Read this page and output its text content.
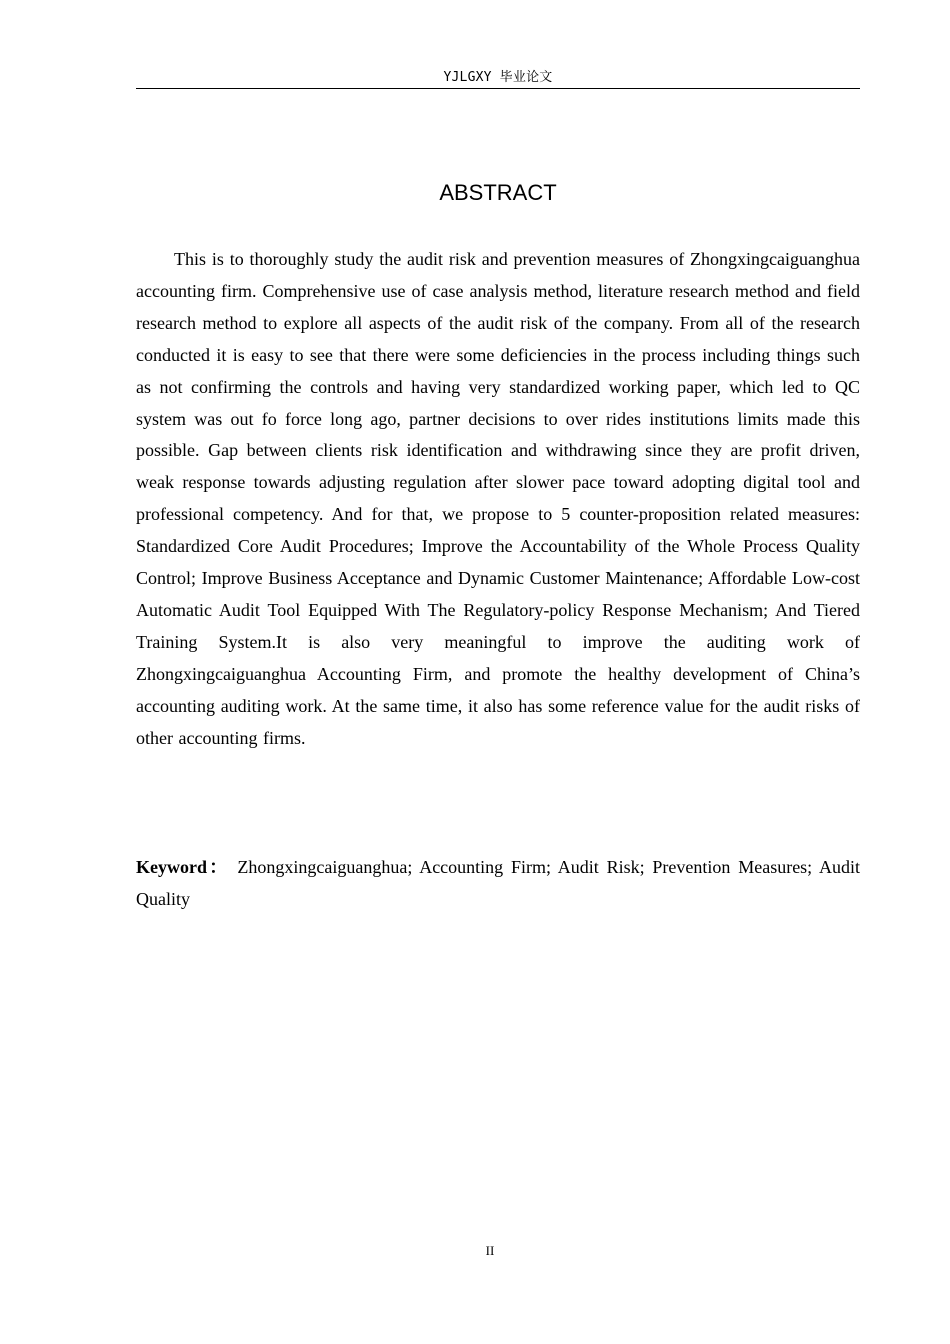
YJLGXY 毕业论文
ABSTRACT

This is to thoroughly study the audit risk and prevention measures of Zhongxingcaiguanghua accounting firm. Comprehensive use of case analysis method, literature research method and field research method to explore all aspects of the audit risk of the company. From all of the research conducted it is easy to see that there were some deficiencies in the process including things such as not confirming the controls and having very standardized working paper, which led to QC system was out fo force long ago, partner decisions to over rides institutions limits made this possible. Gap between clients risk identification and withdrawing since they are profit driven, weak response towards adjusting regulation after slower pace toward adopting digital tool and professional competency. And for that, we propose to 5 counter-proposition related measures: Standardized Core Audit Procedures; Improve the Accountability of the Whole Process Quality Control; Improve Business Acceptance and Dynamic Customer Maintenance; Affordable Low-cost Automatic Audit Tool Equipped With The Regulatory-policy Response Mechanism; And Tiered Training System.It is also very meaningful to improve the auditing work of Zhongxingcaiguanghua Accounting Firm, and promote the healthy development of China’s accounting auditing work. At the same time, it also has some reference value for the audit risks of other accounting firms.

Keyword： Zhongxingcaiguanghua; Accounting Firm; Audit Risk; Prevention Measures; Audit Quality

II
